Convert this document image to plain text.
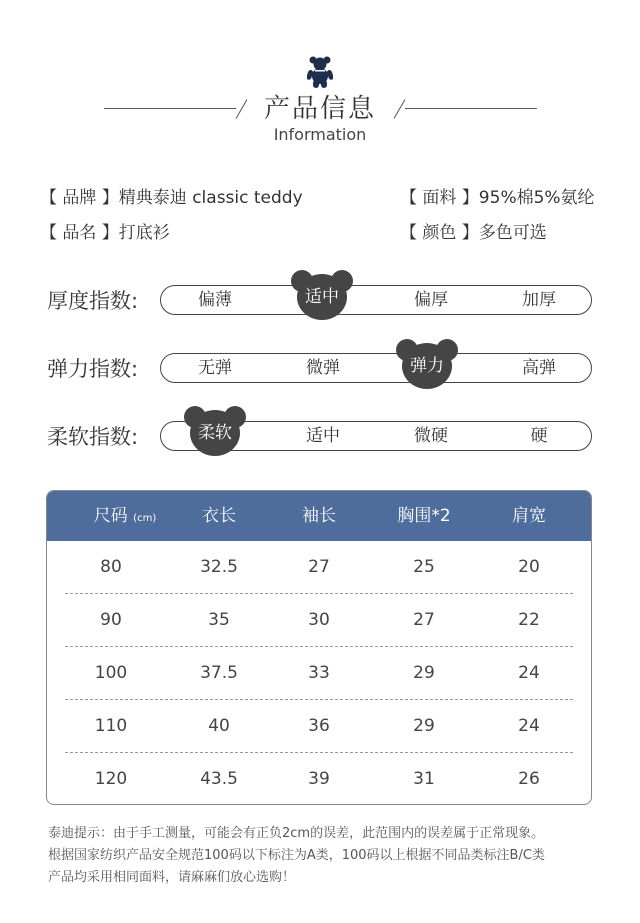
产品信息
Information
【 品牌 】精典泰迪 classic teddy	【 面料 】95%棉5%氨纶
【 品名 】打底衫	【 颜色 】多色可选
厚度指数:	偏薄	偏厚	加厚
适中
弹力指数:	无弹	微弹	高弹
弹力
柔软指数:	适中	微硬	硬
柔软
尺码 (cm)	衣长	袖长	胸围*2	肩宽
80	32.5	27	25	20
90	35	30	27	22
100	37.5	33	29	24
110	40	36	29	24
120	43.5	39	31	26
泰迪提示：由于手工测量，可能会有正负2cm的误差，此范围内的误差属于正常现象。
根据国家纺织产品安全规范100码以下标注为A类，100码以上根据不同品类标注B/C类
产品均采用相同面料，请麻麻们放心选购！
